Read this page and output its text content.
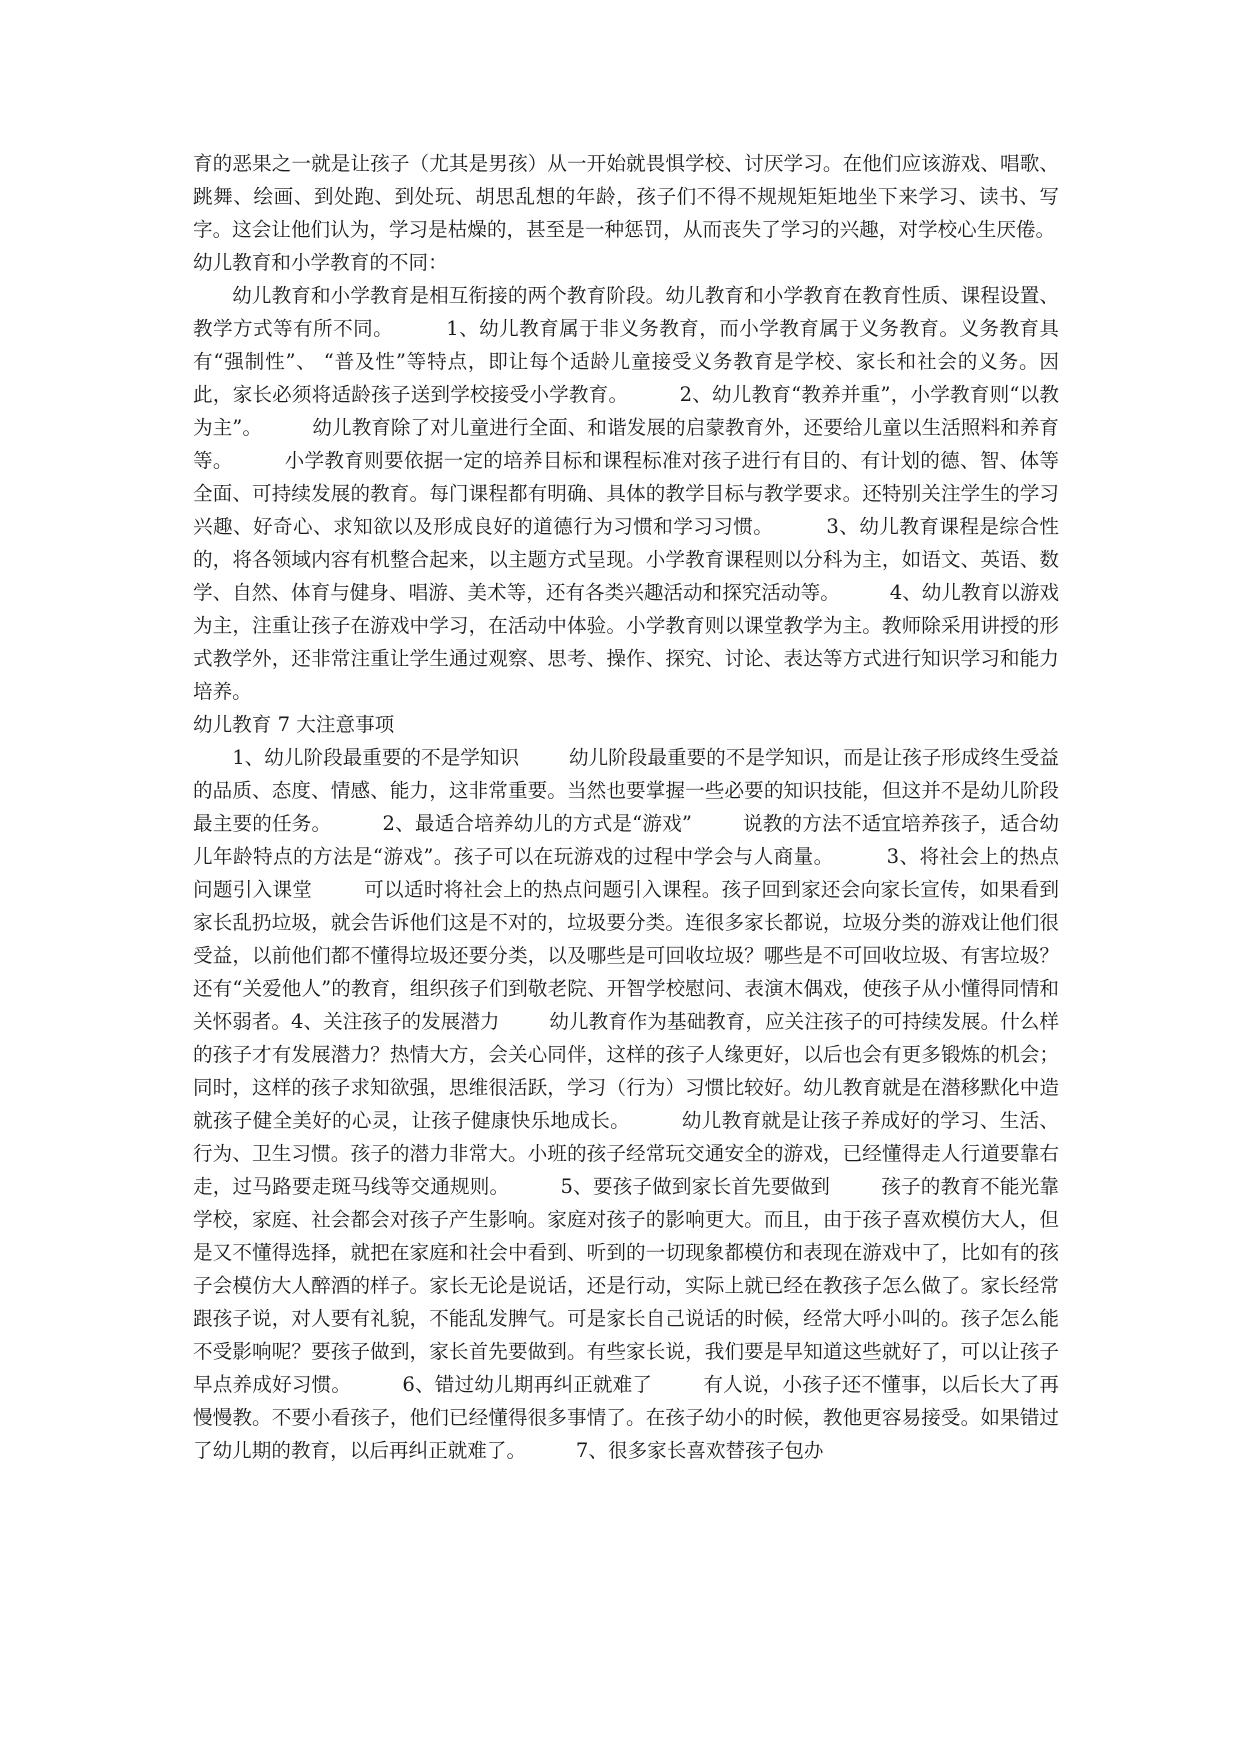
育的恶果之一就是让孩子（尤其是男孩）从一开始就畏惧学校、讨厌学习。在他们应该游戏、唱歌、跳舞、绘画、到处跑、到处玩、胡思乱想的年龄，孩子们不得不规规矩矩地坐下来学习、读书、写字。这会让他们认为，学习是枯燥的，甚至是一种惩罚，从而丧失了学习的兴趣，对学校心生厌倦。

幼儿教育和小学教育的不同：

幼儿教育和小学教育是相互衔接的两个教育阶段。幼儿教育和小学教育在教育性质、课程设置、教学方式等有所不同。        1、幼儿教育属于非义务教育，而小学教育属于义务教育。义务教育具有“强制性”、 “普及性”等特点，即让每个适龄儿童接受义务教育是学校、家长和社会的义务。因此，家长必须将适龄孩子送到学校接受小学教育。        2、幼儿教育“教养并重”，小学教育则“以教为主”。        幼儿教育除了对儿童进行全面、和谐发展的启蒙教育外，还要给儿童以生活照料和养育等。        小学教育则要依据一定的培养目标和课程标准对孩子进行有目的、有计划的德、智、体等全面、可持续发展的教育。每门课程都有明确、具体的教学目标与教学要求。还特别关注学生的学习兴趣、好奇心、求知欲以及形成良好的道德行为习惯和学习习惯。        3、幼儿教育课程是综合性的，将各领域内容有机整合起来，以主题方式呈现。小学教育课程则以分科为主，如语文、英语、数学、自然、体育与健身、唱游、美术等，还有各类兴趣活动和探究活动等。        4、幼儿教育以游戏为主，注重让孩子在游戏中学习，在活动中体验。小学教育则以课堂教学为主。教师除采用讲授的形式教学外，还非常注重让学生通过观察、思考、操作、探究、讨论、表达等方式进行知识学习和能力培养。

幼儿教育 7 大注意事项

1、幼儿阶段最重要的不是学知识        幼儿阶段最重要的不是学知识，而是让孩子形成终生受益的品质、态度、情感、能力，这非常重要。当然也要掌握一些必要的知识技能，但这并不是幼儿阶段最主要的任务。        2、最适合培养幼儿的方式是“游戏”        说教的方法不适宜培养孩子，适合幼儿年龄特点的方法是“游戏”。孩子可以在玩游戏的过程中学会与人商量。        3、将社会上的热点问题引入课堂        可以适时将社会上的热点问题引入课程。孩子回到家还会向家长宣传，如果看到家长乱扔垃圾，就会告诉他们这是不对的，垃圾要分类。连很多家长都说，垃圾分类的游戏让他们很受益，以前他们都不懂得垃圾还要分类，以及哪些是可回收垃圾？哪些是不可回收垃圾、有害垃圾？        还有“关爱他人”的教育，组织孩子们到敬老院、开智学校慰问、表演木偶戏，使孩子从小懂得同情和关怀弱者。4、关注孩子的发展潜力        幼儿教育作为基础教育，应关注孩子的可持续发展。什么样的孩子才有发展潜力？热情大方，会关心同伴，这样的孩子人缘更好，以后也会有更多锻炼的机会；同时，这样的孩子求知欲强，思维很活跃，学习（行为）习惯比较好。幼儿教育就是在潜移默化中造就孩子健全美好的心灵，让孩子健康快乐地成长。        幼儿教育就是让孩子养成好的学习、生活、行为、卫生习惯。孩子的潜力非常大。小班的孩子经常玩交通安全的游戏，已经懂得走人行道要靠右走，过马路要走斑马线等交通规则。        5、要孩子做到家长首先要做到        孩子的教育不能光靠学校，家庭、社会都会对孩子产生影响。家庭对孩子的影响更大。而且，由于孩子喜欢模仿大人，但是又不懂得选择，就把在家庭和社会中看到、听到的一切现象都模仿和表现在游戏中了，比如有的孩子会模仿大人醉酒的样子。家长无论是说话，还是行动，实际上就已经在教孩子怎么做了。家长经常跟孩子说，对人要有礼貌，不能乱发脾气。可是家长自己说话的时候，经常大呼小叫的。孩子怎么能不受影响呢？要孩子做到，家长首先要做到。有些家长说，我们要是早知道这些就好了，可以让孩子早点养成好习惯。        6、错过幼儿期再纠正就难了        有人说，小孩子还不懂事，以后长大了再慢慢教。不要小看孩子，他们已经懂得很多事情了。在孩子幼小的时候，教他更容易接受。如果错过了幼儿期的教育，以后再纠正就难了。        7、很多家长喜欢替孩子包办
